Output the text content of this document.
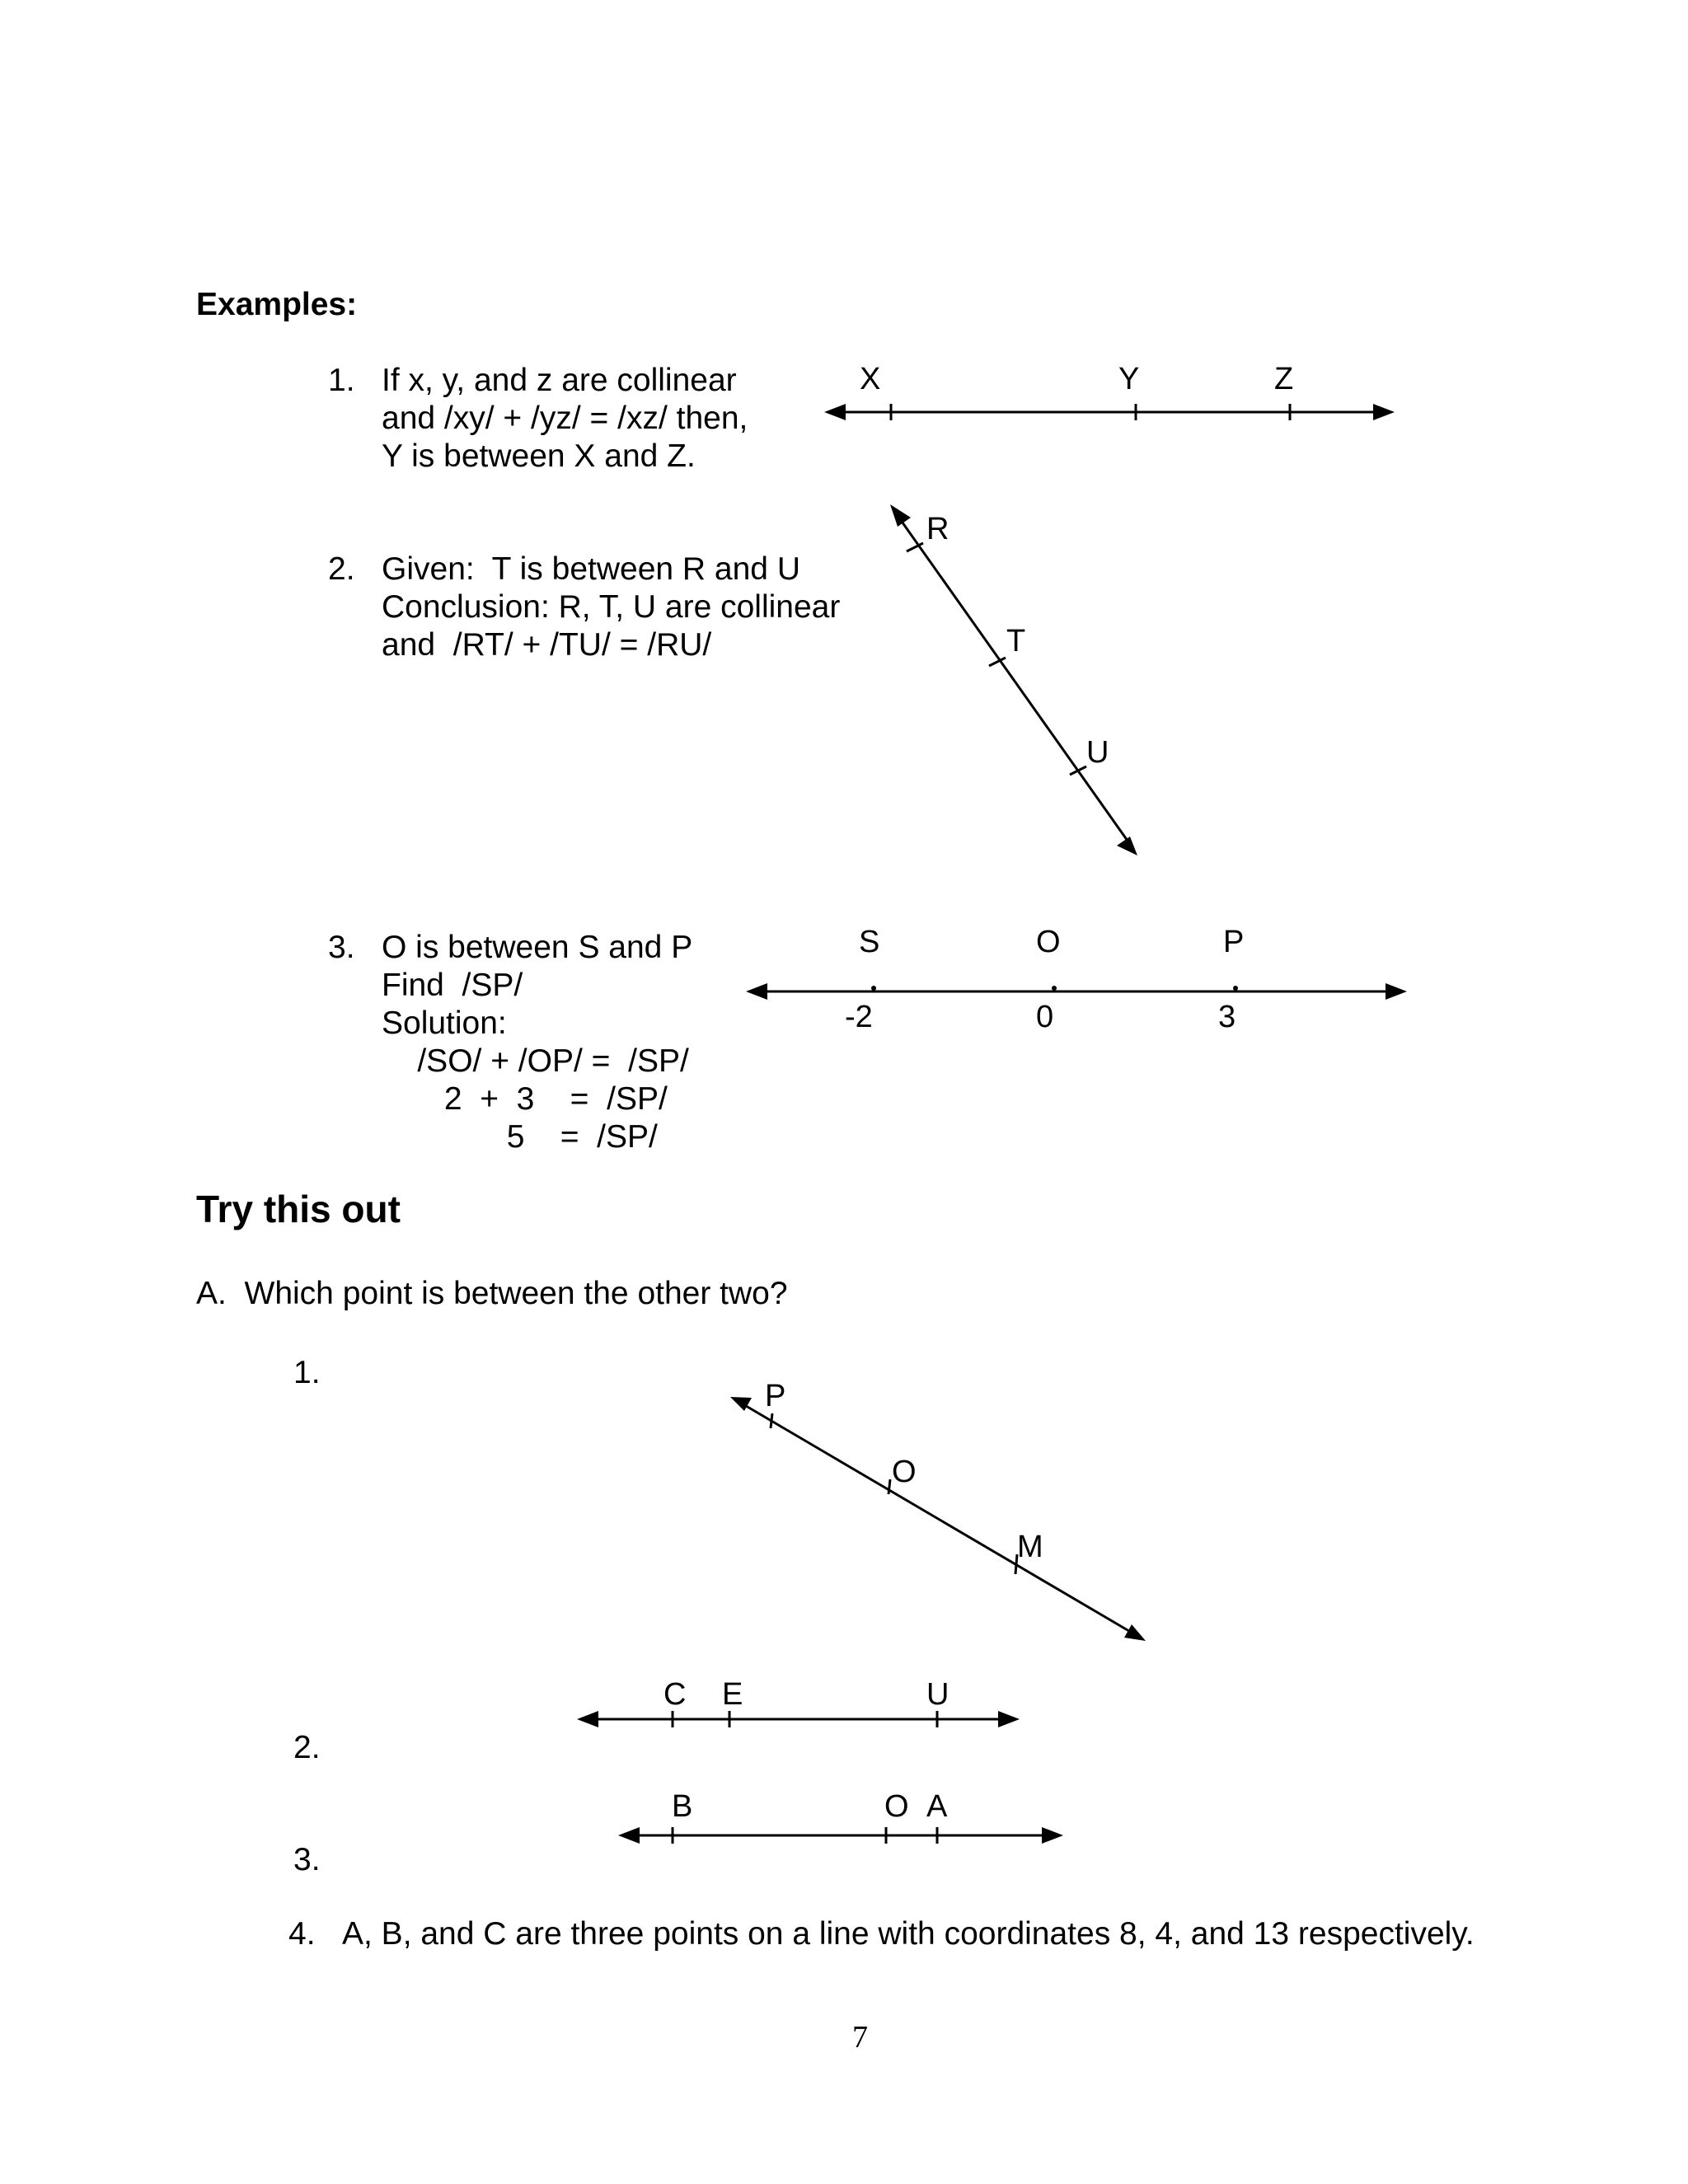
Examples:
1. If x, y, and z are collinear
and /xy/ + /yz/ = /xz/ then,
Y is between X and Z.
2. Given:  T is between R and U
Conclusion: R, T, U are collinear
and  /RT/ + /TU/ = /RU/
3. O is between S and P
Find  /SP/
Solution:
/SO/ + /OP/ =  /SP/
2  +  3    =  /SP/
5    =  /SP/
Try this out
A.  Which point is between the other two?
1.
2.
3.
4. A, B, and C are three points on a line with coordinates 8, 4, and 13 respectively.
X	Y	Z
R
T
U
S	O	P
-2	0	3
P
O
M
C E	U
B	O A
7
